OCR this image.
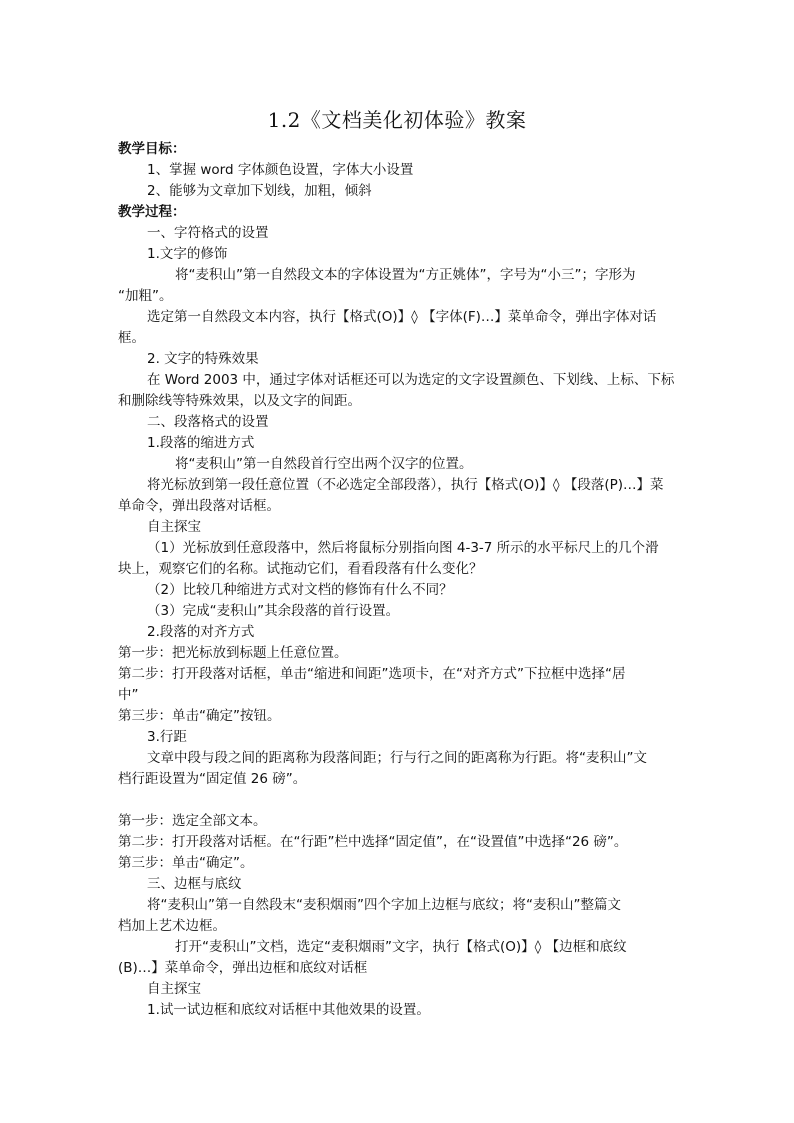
1.2《文档美化初体验》教案
教学目标：
1、掌握 word 字体颜色设置，字体大小设置
2、能够为文章加下划线，加粗，倾斜
教学过程：
一、字符格式的设置
1.文字的修饰
将“麦积山”第一自然段文本的字体设置为“方正姚体”，字号为“小三”；字形为
“加粗”。
选定第一自然段文本内容，执行【格式(O)】◊ 【字体(F)…】菜单命令，弹出字体对话
框。
2. 文字的特殊效果
在 Word 2003 中，通过字体对话框还可以为选定的文字设置颜色、下划线、上标、下标
和删除线等特殊效果，以及文字的间距。
二、段落格式的设置
1.段落的缩进方式
将“麦积山”第一自然段首行空出两个汉字的位置。
将光标放到第一段任意位置（不必选定全部段落），执行【格式(O)】◊ 【段落(P)…】菜
单命令，弹出段落对话框。
自主探宝
（1）光标放到任意段落中，然后将鼠标分别指向图 4-3-7 所示的水平标尺上的几个滑
块上，观察它们的名称。试拖动它们，看看段落有什么变化？
（2）比较几种缩进方式对文档的修饰有什么不同？
（3）完成“麦积山”其余段落的首行设置。
2.段落的对齐方式
第一步：把光标放到标题上任意位置。
第二步：打开段落对话框，单击“缩进和间距”选项卡，在“对齐方式”下拉框中选择“居
中”
第三步：单击“确定”按钮。
3.行距
文章中段与段之间的距离称为段落间距；行与行之间的距离称为行距。将“麦积山”文
档行距设置为“固定值 26 磅”。
第一步：选定全部文本。
第二步：打开段落对话框。在“行距”栏中选择“固定值”，在“设置值”中选择“26 磅”。
第三步：单击“确定”。
三、边框与底纹
将“麦积山”第一自然段末“麦积烟雨”四个字加上边框与底纹；将“麦积山”整篇文
档加上艺术边框。
打开“麦积山”文档，选定“麦积烟雨”文字，执行【格式(O)】◊ 【边框和底纹
(B)…】菜单命令，弹出边框和底纹对话框
自主探宝
1.试一试边框和底纹对话框中其他效果的设置。
